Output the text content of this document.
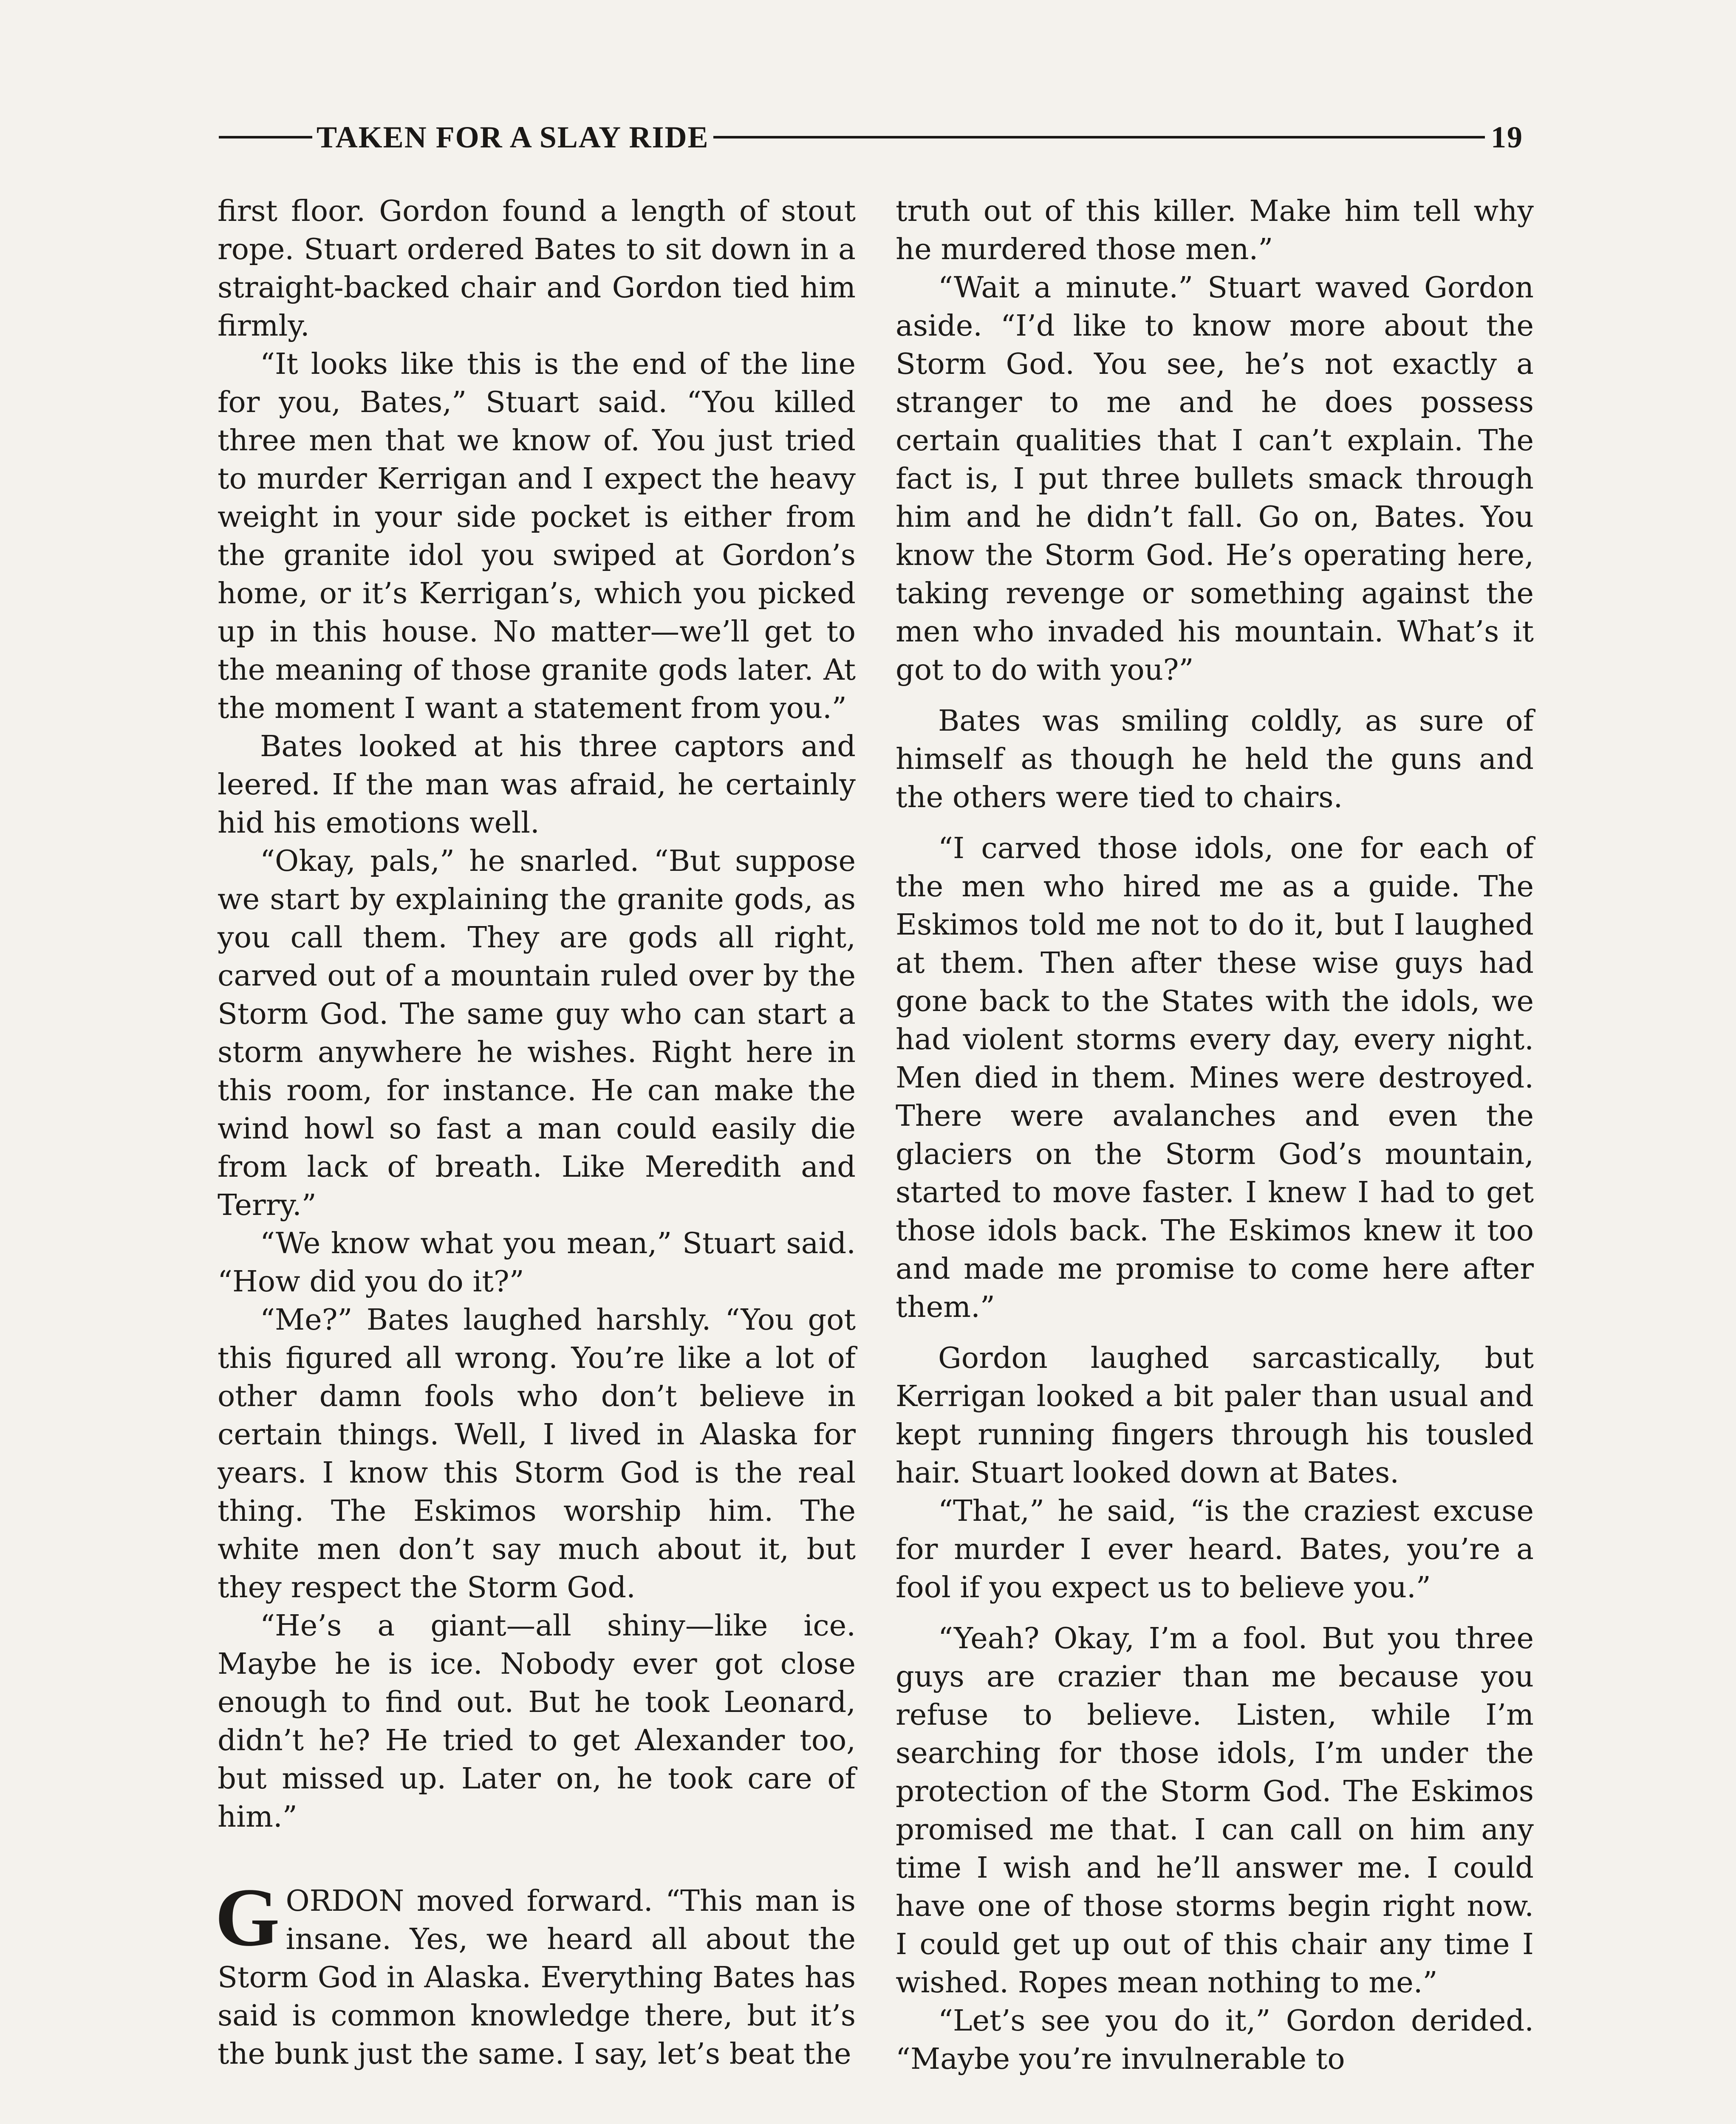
TAKEN FOR A SLAY RIDE	19

first floor. Gordon found a length of stout rope. Stuart ordered Bates to sit down in a straight-backed chair and Gordon tied him firmly.

“It looks like this is the end of the line for you, Bates,” Stuart said. “You killed three men that we know of. You just tried to murder Kerrigan and I expect the heavy weight in your side pocket is either from the granite idol you swiped at Gordon’s home, or it’s Kerrigan’s, which you picked up in this house. No matter—we’ll get to the meaning of those granite gods later. At the moment I want a statement from you.”

Bates looked at his three captors and leered. If the man was afraid, he certainly hid his emotions well.

“Okay, pals,” he snarled. “But suppose we start by explaining the granite gods, as you call them. They are gods all right, carved out of a mountain ruled over by the Storm God. The same guy who can start a storm anywhere he wishes. Right here in this room, for instance. He can make the wind howl so fast a man could easily die from lack of breath. Like Meredith and Terry.”

“We know what you mean,” Stuart said. “How did you do it?”

“Me?” Bates laughed harshly. “You got this figured all wrong. You’re like a lot of other damn fools who don’t believe in certain things. Well, I lived in Alaska for years. I know this Storm God is the real thing. The Eskimos worship him. The white men don’t say much about it, but they respect the Storm God.

“He’s a giant—all shiny—like ice. Maybe he is ice. Nobody ever got close enough to find out. But he took Leonard, didn’t he? He tried to get Alexander too, but missed up. Later on, he took care of him.”

GORDON moved forward. “This man is insane. Yes, we heard all about the Storm God in Alaska. Everything Bates has said is common knowledge there, but it’s the bunk just the same. I say, let’s beat the

truth out of this killer. Make him tell why he murdered those men.”

“Wait a minute.” Stuart waved Gordon aside. “I’d like to know more about the Storm God. You see, he’s not exactly a stranger to me and he does possess certain qualities that I can’t explain. The fact is, I put three bullets smack through him and he didn’t fall. Go on, Bates. You know the Storm God. He’s operating here, taking revenge or something against the men who invaded his mountain. What’s it got to do with you?”

Bates was smiling coldly, as sure of himself as though he held the guns and the others were tied to chairs.

“I carved those idols, one for each of the men who hired me as a guide. The Eskimos told me not to do it, but I laughed at them. Then after these wise guys had gone back to the States with the idols, we had violent storms every day, every night. Men died in them. Mines were destroyed. There were avalanches and even the glaciers on the Storm God’s mountain, started to move faster. I knew I had to get those idols back. The Eskimos knew it too and made me promise to come here after them.”

Gordon laughed sarcastically, but Kerrigan looked a bit paler than usual and kept running fingers through his tousled hair. Stuart looked down at Bates.

“That,” he said, “is the craziest excuse for murder I ever heard. Bates, you’re a fool if you expect us to believe you.”

“Yeah? Okay, I’m a fool. But you three guys are crazier than me because you refuse to believe. Listen, while I’m searching for those idols, I’m under the protection of the Storm God. The Eskimos promised me that. I can call on him any time I wish and he’ll answer me. I could have one of those storms begin right now. I could get up out of this chair any time I wished. Ropes mean nothing to me.”

“Let’s see you do it,” Gordon derided. “Maybe you’re invulnerable to
